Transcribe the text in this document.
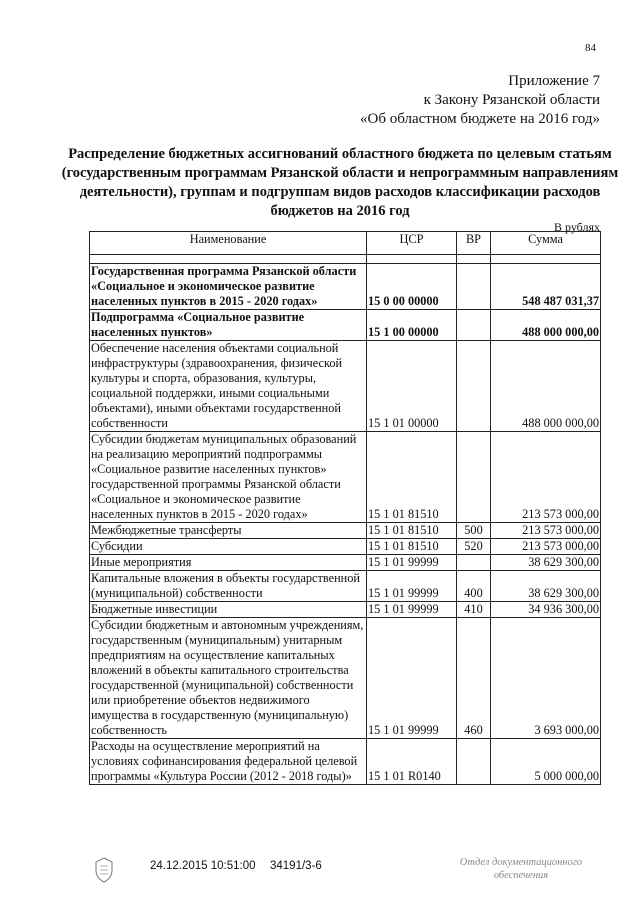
84
Приложение 7
к Закону Рязанской области
«Об областном бюджете на 2016 год»
Распределение бюджетных ассигнований областного бюджета по целевым статьям (государственным программам Рязанской области и непрограммным направлениям деятельности), группам и подгруппам видов расходов классификации расходов бюджетов на 2016 год
В рублях
Наименование	ЦСР	ВР	Сумма

Государственная программа Рязанской области «Социальное и экономическое развитие населенных пунктов в 2015 - 2020 годах»	15 0 00 00000		548 487 031,37
Подпрограмма «Социальное развитие населенных пунктов»	15 1 00 00000		488 000 000,00
Обеспечение населения объектами социальной инфраструктуры (здравоохранения, физической культуры и спорта, образования, культуры, социальной поддержки, иными социальными объектами), иными объектами государственной собственности	15 1 01 00000		488 000 000,00
Субсидии бюджетам муниципальных образований на реализацию мероприятий подпрограммы «Социальное развитие населенных пунктов» государственной программы Рязанской области «Социальное и экономическое развитие населенных пунктов в 2015 - 2020 годах»	15 1 01 81510		213 573 000,00
Межбюджетные трансферты	15 1 01 81510	500	213 573 000,00
Субсидии	15 1 01 81510	520	213 573 000,00
Иные мероприятия	15 1 01 99999		38 629 300,00
Капитальные вложения в объекты государственной (муниципальной) собственности	15 1 01 99999	400	38 629 300,00
Бюджетные инвестиции	15 1 01 99999	410	34 936 300,00
Субсидии бюджетным и автономным учреждениям, государственным (муниципальным) унитарным предприятиям на осуществление капитальных вложений в объекты капитального строительства государственной (муниципальной) собственности или приобретение объектов недвижимого имущества в государственную (муниципальную) собственность	15 1 01 99999	460	3 693 000,00
Расходы на осуществление мероприятий на условиях софинансирования федеральной целевой программы «Культура России (2012 - 2018 годы)»	15 1 01 R0140		5 000 000,00
24.12.2015 10:51:00 34191/3-6	Отдел документационного
обеспечения
